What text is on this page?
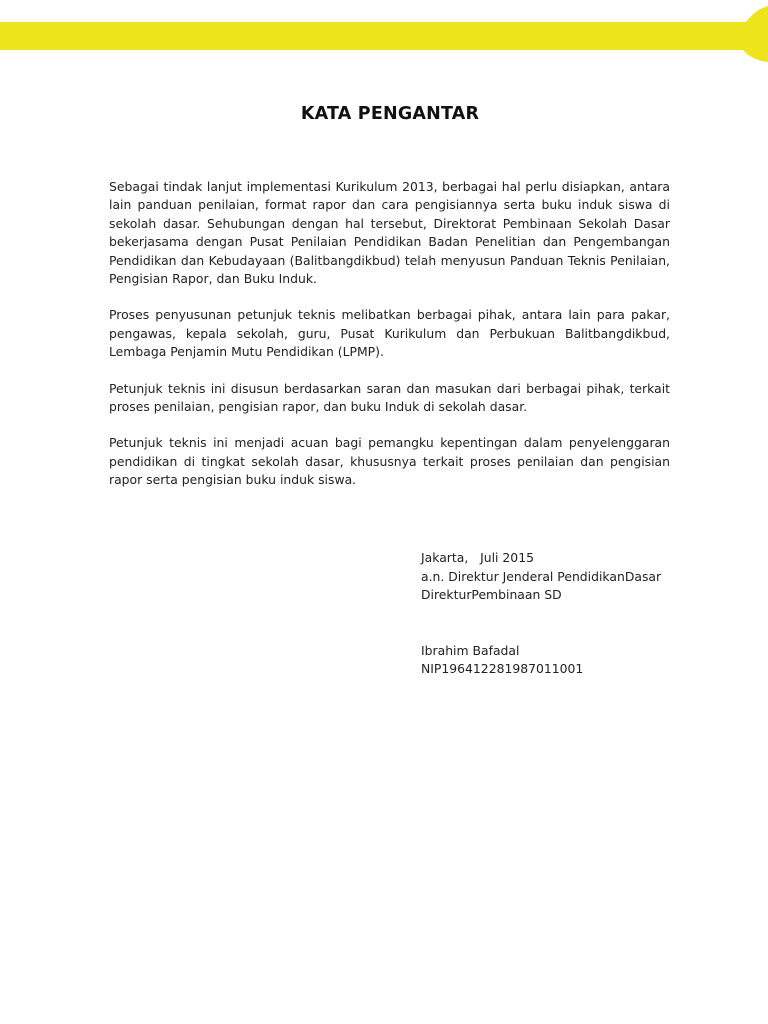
KATA PENGANTAR

Sebagai tindak lanjut implementasi Kurikulum 2013, berbagai hal perlu disiapkan, antara lain panduan penilaian, format rapor dan cara pengisiannya serta buku induk siswa di sekolah dasar. Sehubungan dengan hal tersebut, Direktorat Pembinaan Sekolah Dasar bekerjasama dengan Pusat Penilaian Pendidikan Badan Penelitian dan Pengembangan Pendidikan dan Kebudayaan (Balitbangdikbud) telah menyusun Panduan Teknis Penilaian, Pengisian Rapor, dan Buku Induk.

Proses penyusunan petunjuk teknis melibatkan berbagai pihak, antara lain para pakar, pengawas, kepala sekolah, guru, Pusat Kurikulum dan Perbukuan Balitbangdikbud, Lembaga Penjamin Mutu Pendidikan (LPMP).

Petunjuk teknis ini disusun berdasarkan saran dan masukan dari berbagai pihak, terkait proses penilaian, pengisian rapor, dan buku Induk di sekolah dasar.

Petunjuk teknis ini menjadi acuan bagi pemangku kepentingan dalam penyelenggaran pendidikan di tingkat sekolah dasar, khususnya terkait proses penilaian dan pengisian rapor serta pengisian buku induk siswa.

Jakarta,   Juli 2015
a.n. Direktur Jenderal PendidikanDasar
DirekturPembinaan SD
Ibrahim Bafadal
NIP196412281987011001
